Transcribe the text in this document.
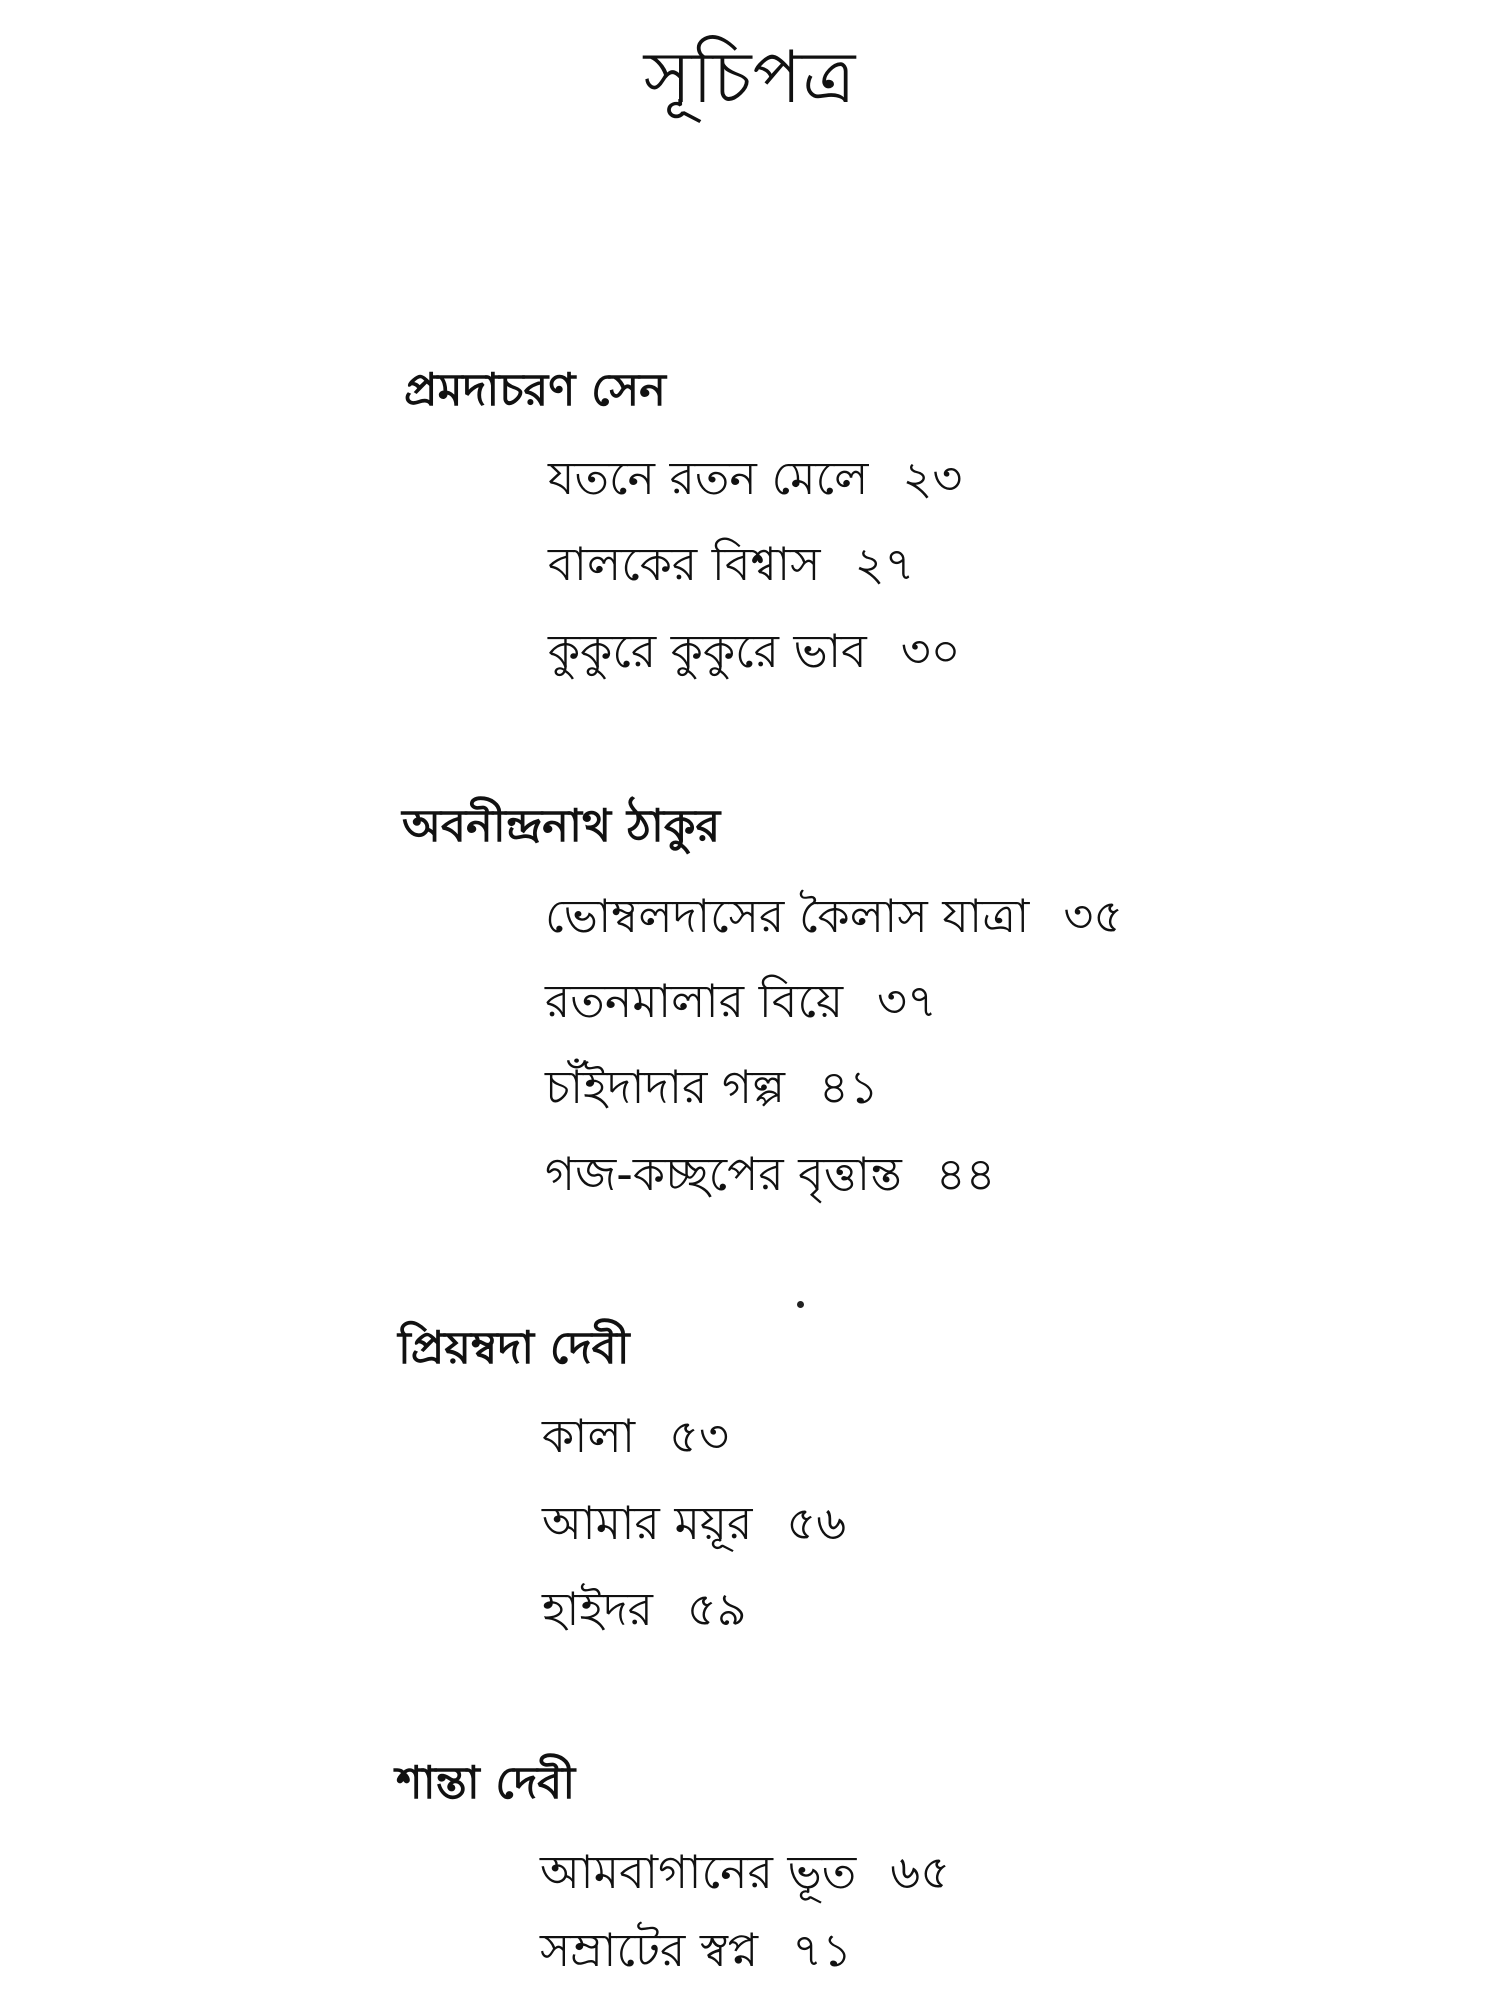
সূচিপত্র
প্রমদাচরণ সেন
যতনে রতন মেলে ২৩
বালকের বিশ্বাস ২৭
কুকুরে কুকুরে ভাব ৩০
অবনীন্দ্রনাথ ঠাকুর
ভোম্বলদাসের কৈলাস যাত্রা ৩৫
রতনমালার বিয়ে ৩৭
চাঁইদাদার গল্প ৪১
গজ-কচ্ছপের বৃত্তান্ত ৪৪
প্রিয়ম্বদা দেবী
কালা ৫৩
আমার ময়ূর ৫৬
হাইদর ৫৯
শান্তা দেবী
আমবাগানের ভূত ৬৫
সম্রাটের স্বপ্ন ৭১
